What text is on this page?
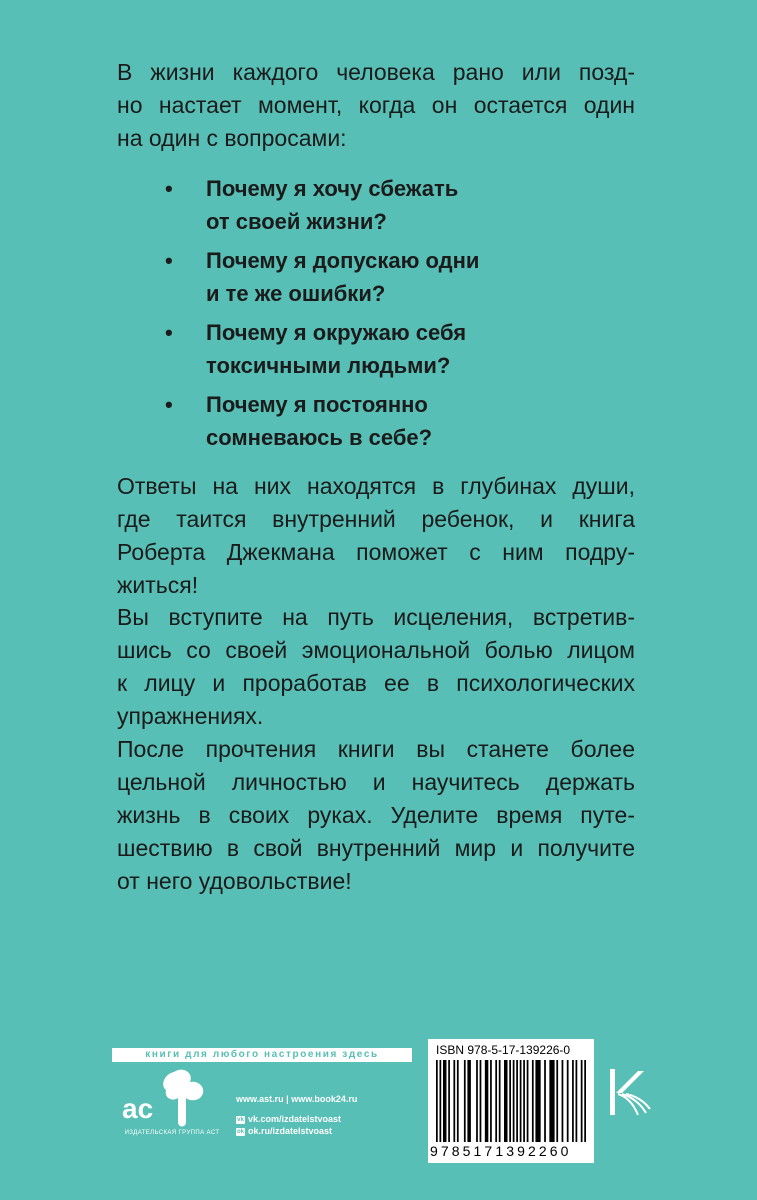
В жизни каждого человека рано или позд-
но настает момент, когда он остается один
на один с вопросами:

• Почему я хочу сбежать
от своей жизни?
• Почему я допускаю одни
и те же ошибки?
• Почему я окружаю себя
токсичными людьми?
• Почему я постоянно
сомневаюсь в себе?

Ответы на них находятся в глубинах души,
где таится внутренний ребенок, и книга
Роберта Джекмана поможет с ним подру-
житься!

Вы вступите на путь исцеления, встретив-
шись со своей эмоциональной болью лицом
к лицу и проработав ее в психологических
упражнениях.

После прочтения книги вы станете более
цельной личностью и научитесь держать
жизнь в своих руках. Уделите время путе-
шествию в свой внутренний мир и получите
от него удовольствие!

книги для любого настроения здесь
ac
ИЗДАТЕЛЬСКАЯ ГРУППА АСТ
www.ast.ru | www.book24.ru
vk vk.com/izdatelstvoast
ok ok.ru/izdatelstvoast
ISBN 978-5-17-139226-0
9785171392260
